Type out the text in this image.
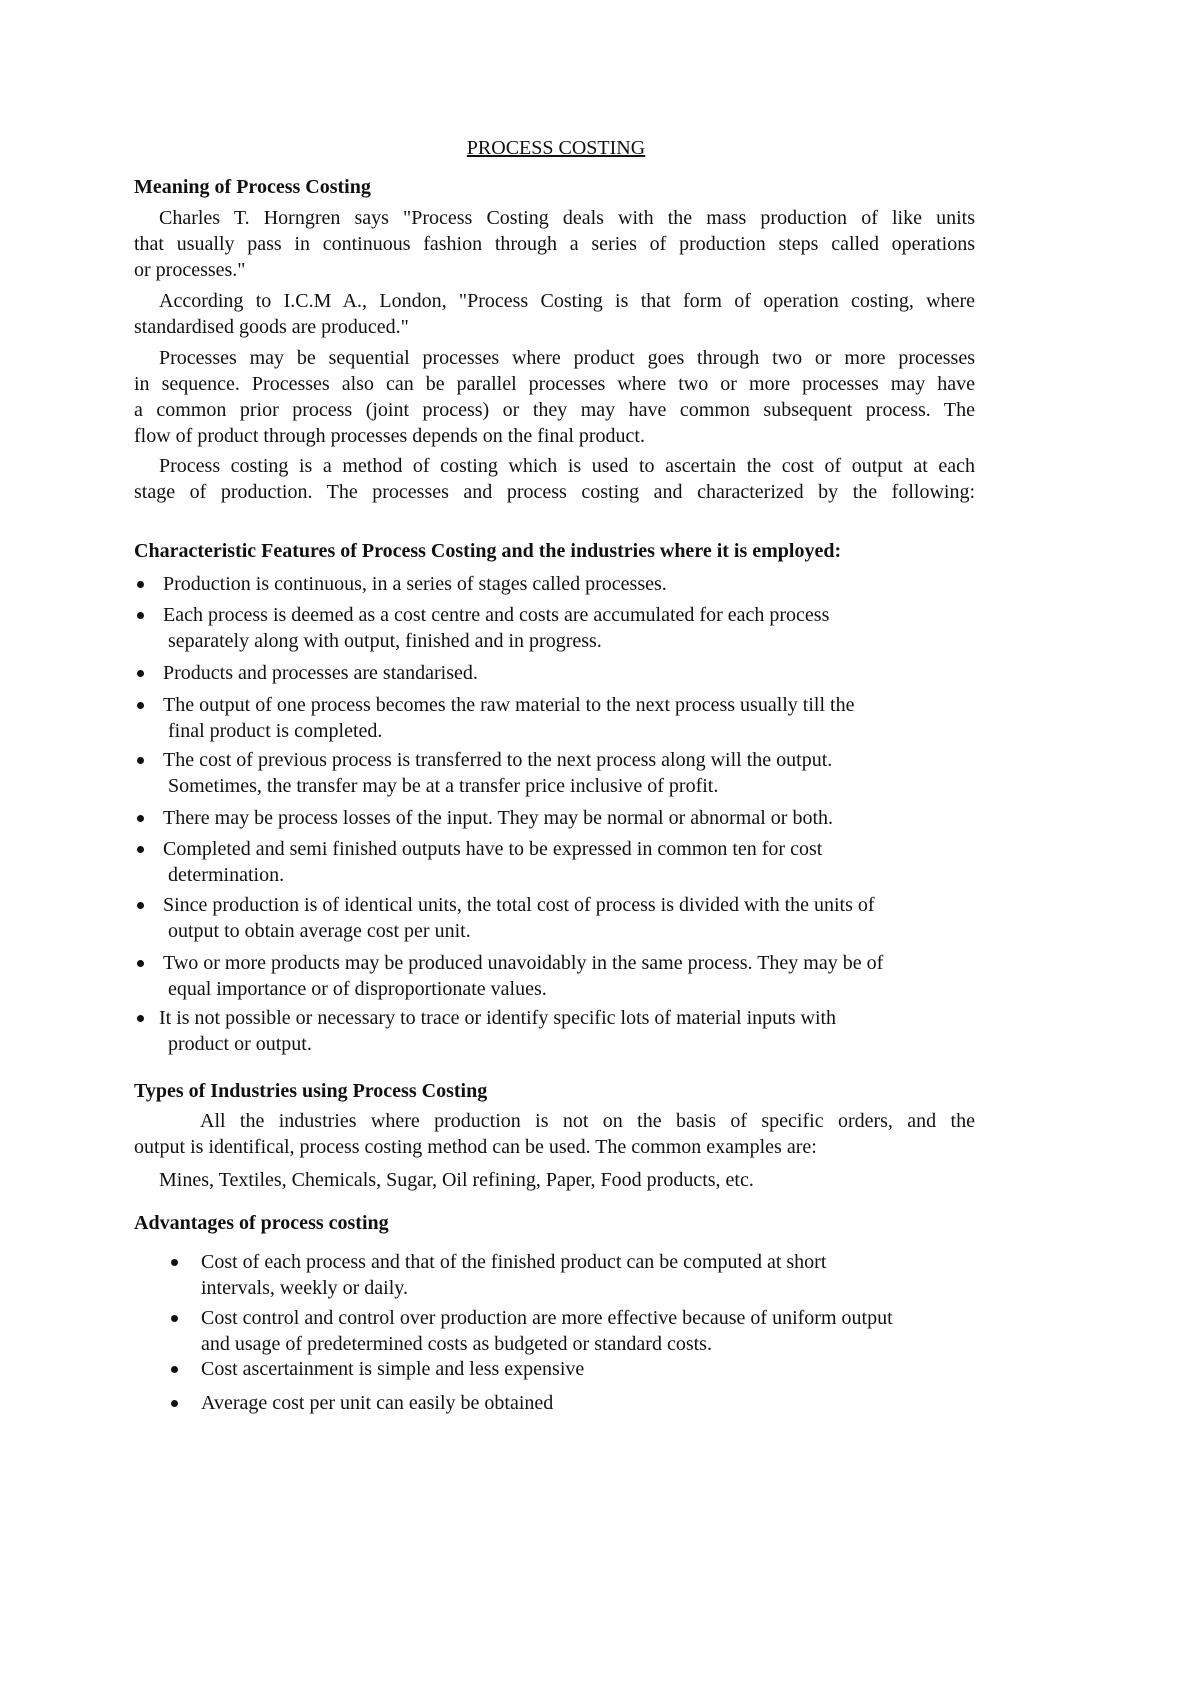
PROCESS COSTING
Meaning of Process Costing
Charles T. Horngren says "Process Costing deals with the mass production of like units
that usually pass in continuous fashion through a series of production steps called operations
or processes."
According to I.C.M A., London, "Process Costing is that form of operation costing, where
standardised goods are produced."
Processes may be sequential processes where product goes through two or more processes
in sequence. Processes also can be parallel processes where two or more processes may have
a common prior process (joint process) or they may have common subsequent process. The
flow of product through processes depends on the final product.
Process costing is a method of costing which is used to ascertain the cost of output at each
stage of production. The processes and process costing and characterized by the following:
Characteristic Features of Process Costing and the industries where it is employed:
Production is continuous, in a series of stages called processes.
Each process is deemed as a cost centre and costs are accumulated for each process
separately along with output, finished and in progress.
Products and processes are standarised.
The output of one process becomes the raw material to the next process usually till the
final product is completed.
The cost of previous process is transferred to the next process along will the output.
Sometimes, the transfer may be at a transfer price inclusive of profit.
There may be process losses of the input. They may be normal or abnormal or both.
Completed and semi finished outputs have to be expressed in common ten for cost
determination.
Since production is of identical units, the total cost of process is divided with the units of
output to obtain average cost per unit.
Two or more products may be produced unavoidably in the same process. They may be of
equal importance or of disproportionate values.
It is not possible or necessary to trace or identify specific lots of material inputs with
product or output.
Types of Industries using Process Costing
All the industries where production is not on the basis of specific orders, and the
output is identifical, process costing method can be used. The common examples are:
Mines, Textiles, Chemicals, Sugar, Oil refining, Paper, Food products, etc.
Advantages of process costing
Cost of each process and that of the finished product can be computed at short
intervals, weekly or daily.
Cost control and control over production are more effective because of uniform output
and usage of predetermined costs as budgeted or standard costs.
Cost ascertainment is simple and less expensive
Average cost per unit can easily be obtained
